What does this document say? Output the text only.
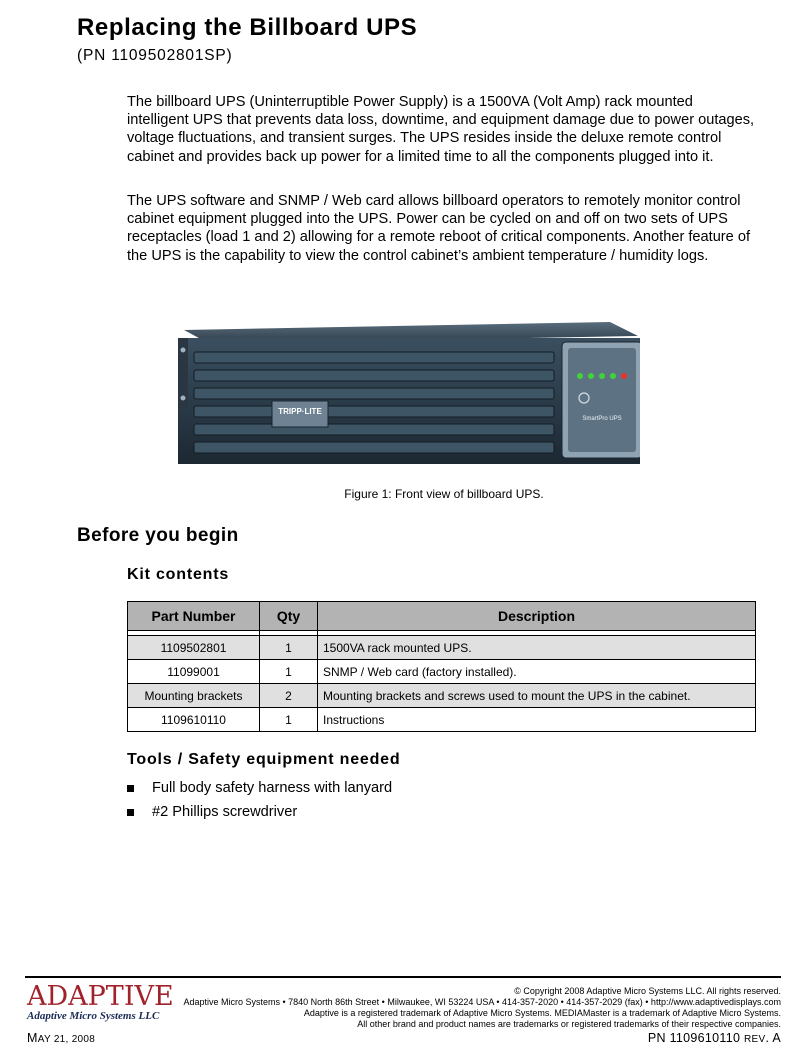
Replacing the Billboard UPS
(PN 1109502801SP)

The billboard UPS (Uninterruptible Power Supply) is a 1500VA (Volt Amp) rack mounted intelligent UPS that prevents data loss, downtime, and equipment damage due to power outages, voltage fluctuations, and transient surges. The UPS resides inside the deluxe remote control cabinet and provides back up power for a limited time to all the components plugged into it.

The UPS software and SNMP / Web card allows billboard operators to remotely monitor control cabinet equipment plugged into the UPS. Power can be cycled on and off on two sets of UPS receptacles (load 1 and 2) allowing for a remote reboot of critical components. Another feature of the UPS is the capability to view the control cabinet’s ambient temperature / humidity logs.

TRIPP·LITE
SmartPro UPS
Figure 1: Front view of billboard UPS.
Before you begin
Kit contents
Part Number	Qty	Description

1109502801	1	1500VA rack mounted UPS.
11099001	1	SNMP / Web card (factory installed).
Mounting brackets	2	Mounting brackets and screws used to mount the UPS in the cabinet.
1109610110	1	Instructions
Tools / Safety equipment needed
Full body safety harness with lanyard
#2 Phillips screwdriver
ADAPTIVE
Adaptive Micro Systems LLC
© Copyright 2008 Adaptive Micro Systems LLC. All rights reserved.
Adaptive Micro Systems • 7840 North 86th Street • Milwaukee, WI 53224 USA • 414-357-2020 • 414-357-2029 (fax) • http://www.adaptivedisplays.com
Adaptive is a registered trademark of Adaptive Micro Systems. MEDIAMaster is a trademark of Adaptive Micro Systems.
All other brand and product names are trademarks or registered trademarks of their respective companies.
MAY 21, 2008	PN 1109610110 REV. A
